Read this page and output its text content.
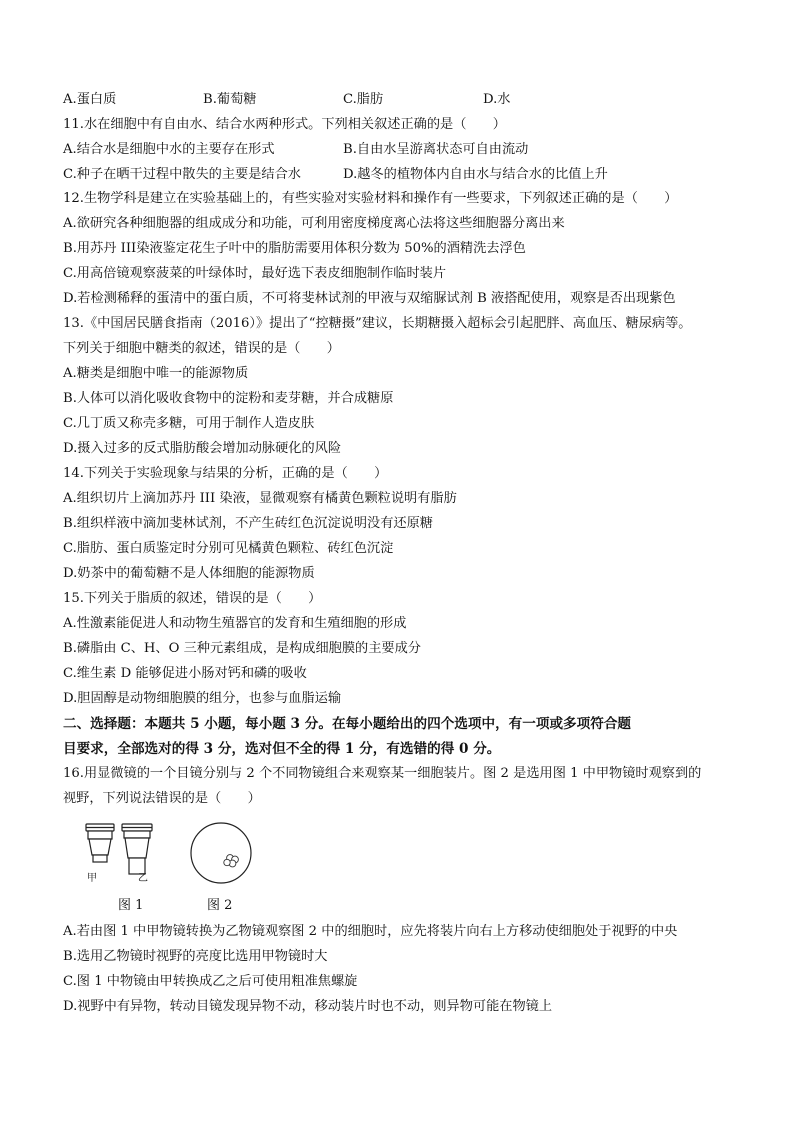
A.蛋白质	B.葡萄糖	C.脂肪	D.水
11.水在细胞中有自由水、结合水两种形式。下列相关叙述正确的是（　　）
A.结合水是细胞中水的主要存在形式	B.自由水呈游离状态可自由流动
C.种子在晒干过程中散失的主要是结合水	D.越冬的植物体内自由水与结合水的比值上升
12.生物学科是建立在实验基础上的，有些实验对实验材料和操作有一些要求，下列叙述正确的是（　　）
A.欲研究各种细胞器的组成成分和功能，可利用密度梯度离心法将这些细胞器分离出来
B.用苏丹 III染液鉴定花生子叶中的脂肪需要用体积分数为 50%的酒精洗去浮色
C.用高倍镜观察菠菜的叶绿体时，最好选下表皮细胞制作临时装片
D.若检测稀释的蛋清中的蛋白质，不可将斐林试剂的甲液与双缩脲试剂 B 液搭配使用，观察是否出现紫色
13.《中国居民膳食指南（2016）》提出了“控糖摄”建议，长期糖摄入超标会引起肥胖、高血压、糖尿病等。
下列关于细胞中糖类的叙述，错误的是（　　）
A.糖类是细胞中唯一的能源物质
B.人体可以消化吸收食物中的淀粉和麦芽糖，并合成糖原
C.几丁质又称壳多糖，可用于制作人造皮肤
D.摄入过多的反式脂肪酸会增加动脉硬化的风险
14.下列关于实验现象与结果的分析，正确的是（　　）
A.组织切片上滴加苏丹 III 染液，显微观察有橘黄色颗粒说明有脂肪
B.组织样液中滴加斐林试剂，不产生砖红色沉淀说明没有还原糖
C.脂肪、蛋白质鉴定时分别可见橘黄色颗粒、砖红色沉淀
D.奶茶中的葡萄糖不是人体细胞的能源物质
15.下列关于脂质的叙述，错误的是（　　）
A.性激素能促进人和动物生殖器官的发育和生殖细胞的形成
B.磷脂由 C、H、O 三种元素组成，是构成细胞膜的主要成分
C.维生素 D 能够促进小肠对钙和磷的吸收
D.胆固醇是动物细胞膜的组分，也参与血脂运输
二、选择题：本题共 5 小题，每小题 3 分。在每小题给出的四个选项中，有一项或多项符合题
目要求，全部选对的得 3 分，选对但不全的得 1 分，有选错的得 0 分。
16.用显微镜的一个目镜分别与 2 个不同物镜组合来观察某一细胞装片。图 2 是选用图 1 中甲物镜时观察到的
视野，下列说法错误的是（　　）
甲	乙
图 1	图 2
A.若由图 1 中甲物镜转换为乙物镜观察图 2 中的细胞时，应先将装片向右上方移动使细胞处于视野的中央
B.选用乙物镜时视野的亮度比选用甲物镜时大
C.图 1 中物镜由甲转换成乙之后可使用粗准焦螺旋
D.视野中有异物，转动目镜发现异物不动，移动装片时也不动，则异物可能在物镜上
